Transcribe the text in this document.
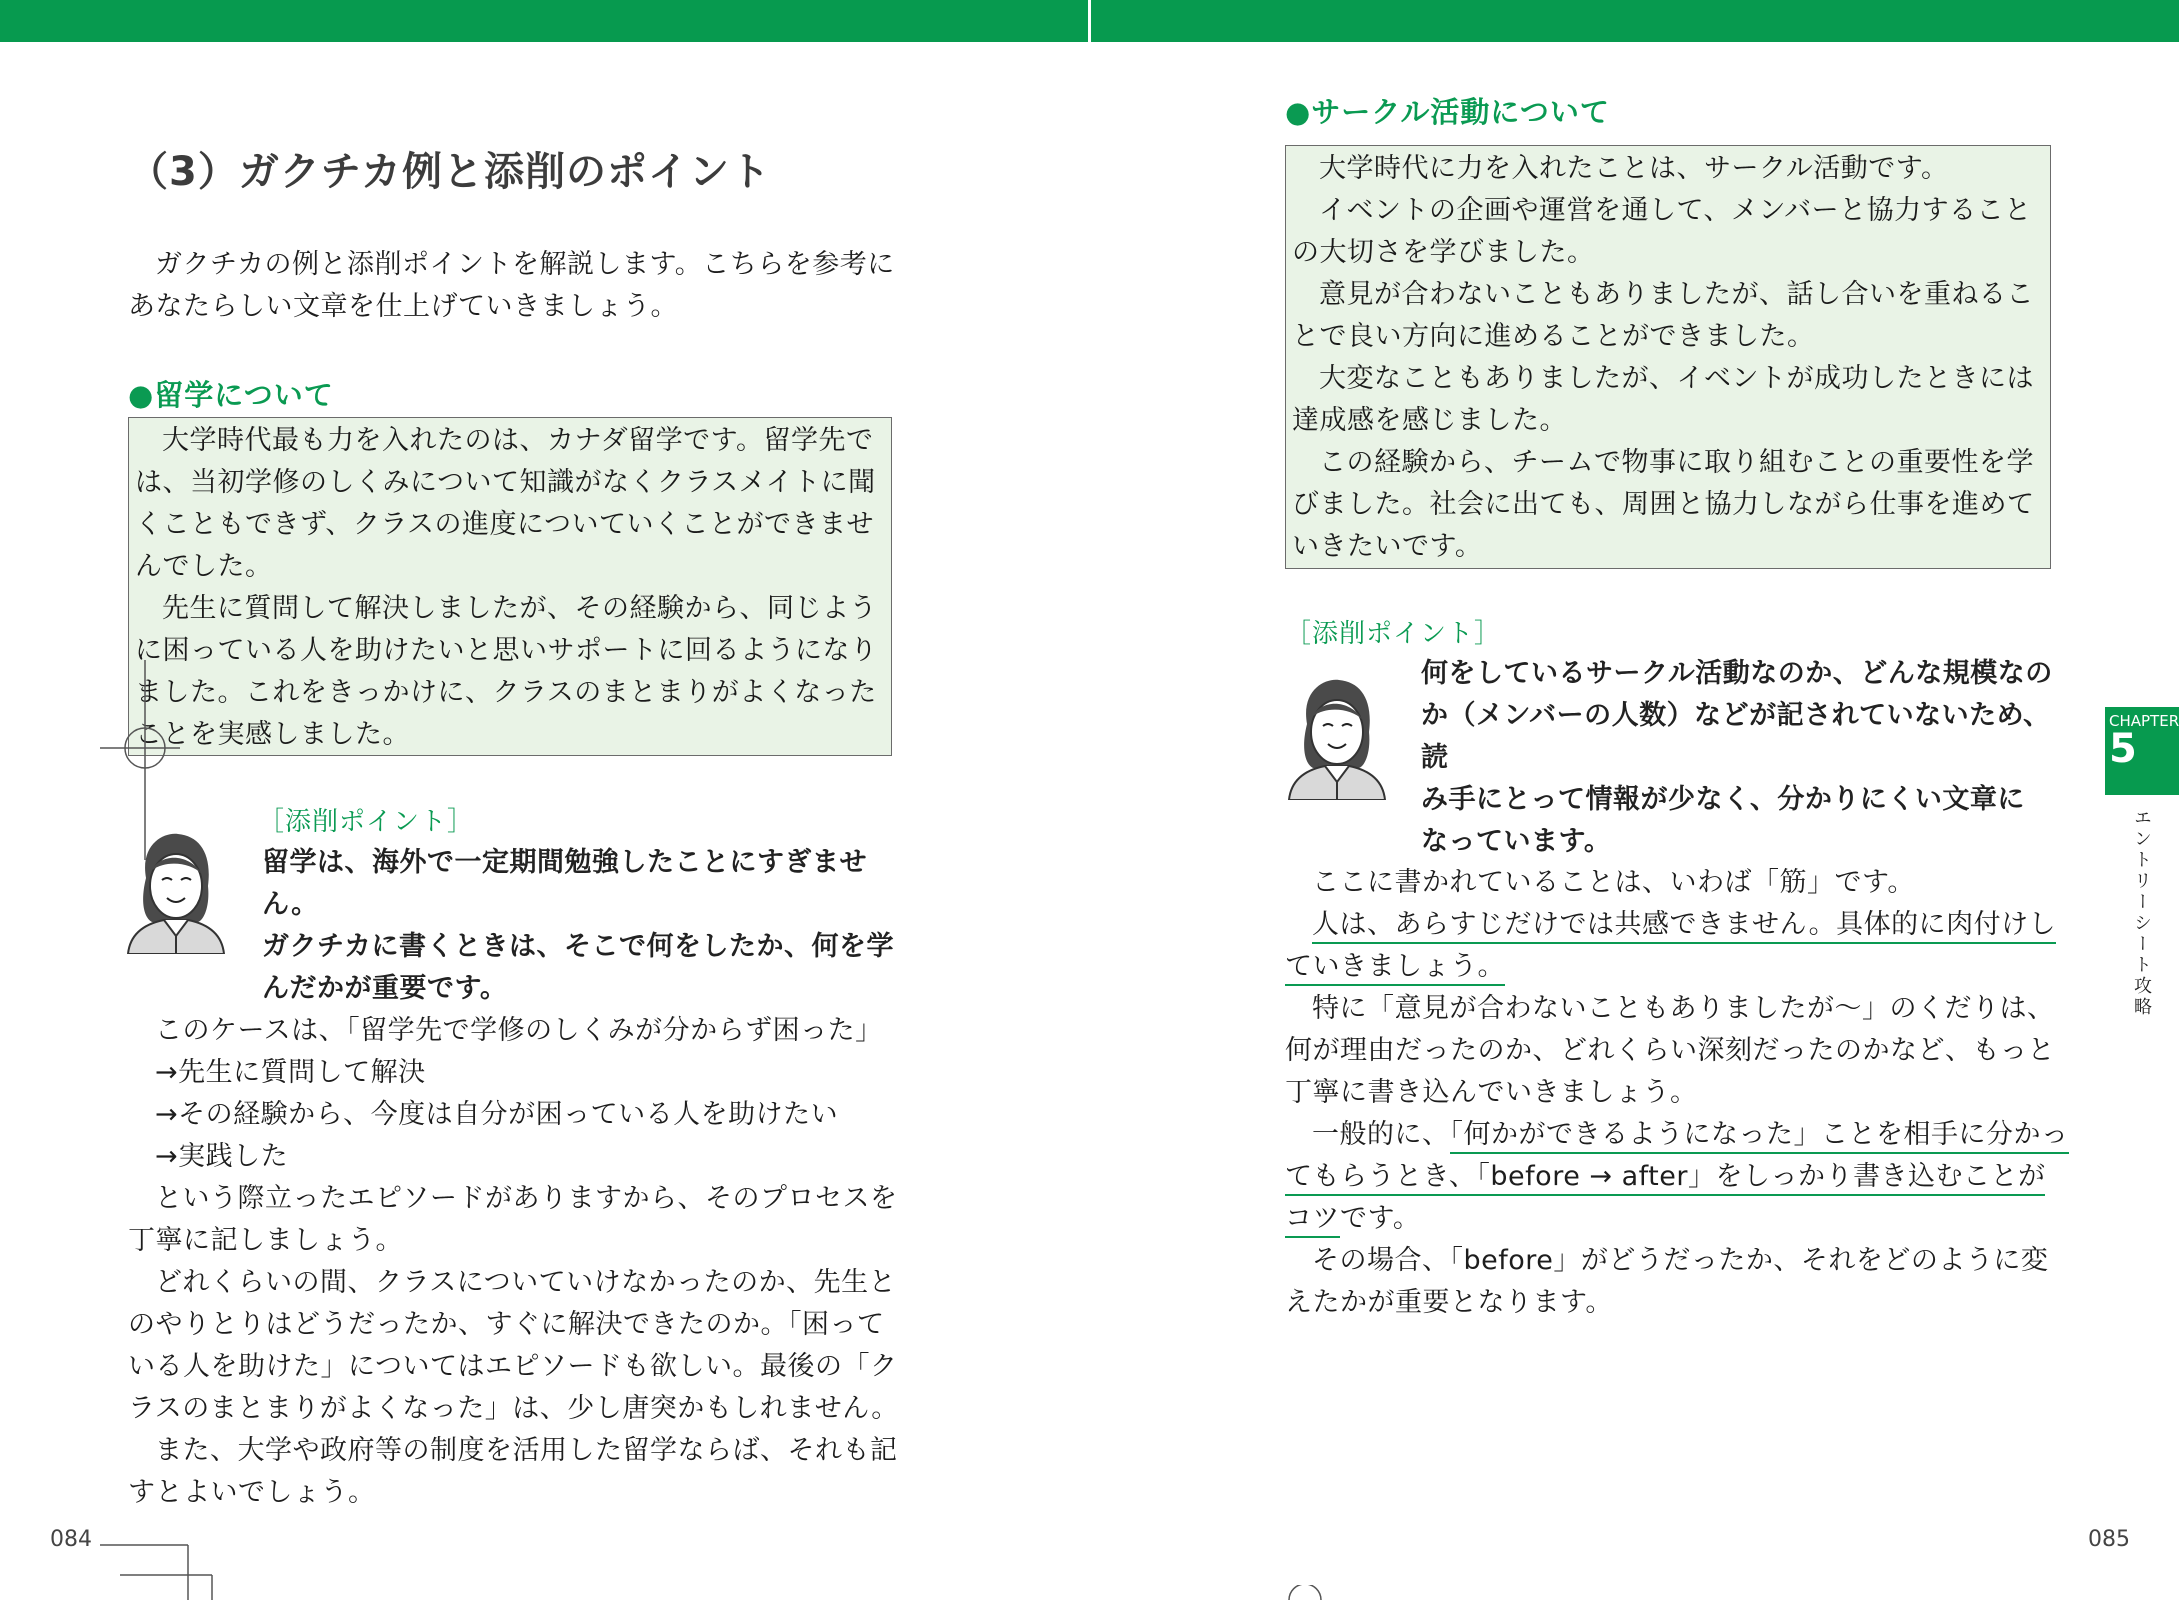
（3）ガクチカ例と添削のポイント

ガクチカの例と添削ポイントを解説します。こちらを参考に

あなたらしい文章を仕上げていきましょう。

●留学について

大学時代最も力を入れたのは、カナダ留学です。留学先では、当初学修のしくみについて知識がなくクラスメイトに聞くこともできず、クラスの進度についていくことができませんでした。

先生に質問して解決しましたが、その経験から、同じように困っている人を助けたいと思いサポートに回るようになりました。これをきっかけに、クラスのまとまりがよくなったことを実感しました。

［添削ポイント］

留学は、海外で一定期間勉強したことにすぎません。
ガクチカに書くときは、そこで何をしたか、何を学
んだかが重要です。

このケースは、「留学先で学修のしくみが分からず困った」

→先生に質問して解決

→その経験から、今度は自分が困っている人を助けたい

→実践した

という際立ったエピソードがありますから、そのプロセスを

丁寧に記しましょう。

どれくらいの間、クラスについていけなかったのか、先生と

のやりとりはどうだったか、すぐに解決できたのか。「困って

いる人を助けた」についてはエピソードも欲しい。最後の「ク

ラスのまとまりがよくなった」は、少し唐突かもしれません。

また、大学や政府等の制度を活用した留学ならば、それも記

すとよいでしょう。

084
●サークル活動について

大学時代に力を入れたことは、サークル活動です。

イベントの企画や運営を通して、メンバーと協力することの大切さを学びました。

意見が合わないこともありましたが、話し合いを重ねることで良い方向に進めることができました。

大変なこともありましたが、イベントが成功したときには達成感を感じました。

この経験から、チームで物事に取り組むことの重要性を学びました。社会に出ても、周囲と協力しながら仕事を進めていきたいです。

［添削ポイント］

何をしているサークル活動なのか、どんな規模なの
か（メンバーの人数）などが記されていないため、読
み手にとって情報が少なく、分かりにくい文章に
なっています。

ここに書かれていることは、いわば「筋」です。

人は、あらすじだけでは共感できません。具体的に肉付けし

ていきましょう。

特に「意見が合わないこともありましたが～」のくだりは、

何が理由だったのか、どれくらい深刻だったのかなど、もっと

丁寧に書き込んでいきましょう。

一般的に、「何かができるようになった」ことを相手に分かっ

てもらうとき、「before → after」をしっかり書き込むことが

コツです。

その場合、「before」がどうだったか、それをどのように変

えたかが重要となります。

085
CHAPTER
5
エントリーシート攻略
